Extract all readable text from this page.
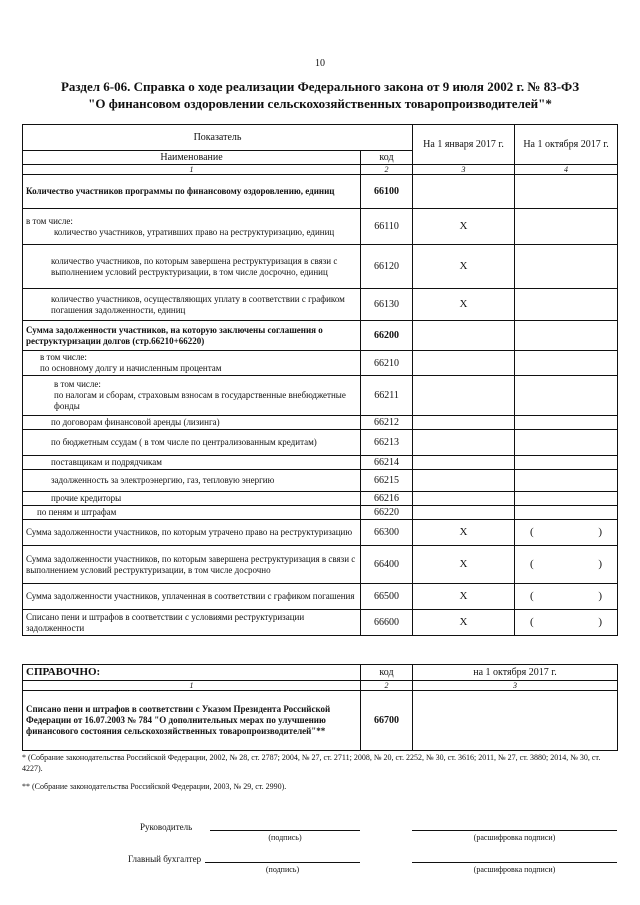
10
Раздел 6-06. Справка о ходе реализации Федерального закона от 9 июля 2002 г. № 83-ФЗ
"О финансовом оздоровлении сельскохозяйственных товаропроизводителей"*
Показатель		На 1 января 2017 г.	На 1 октября 2017 г.
Наименование	код		
1	2	3	4
Количество участников программы по финансовому оздоровлению, единиц	66100		

в том числе:
количество участников, утративших право на реструктуризацию, единиц	66110	X	
количество участников, по которым завершена реструктуризация в связи с выполнением условий реструктуризации, в том числе досрочно, единиц	66120	X	
количество участников, осуществляющих уплату в соответствии с графиком погашения задолженности, единиц	66130	X	
Сумма задолженности участников, на которую заключены соглашения о реструктуризации долгов (стр.66210+66220)	66200		

в том числе:
по основному долгу и начисленным процентам	66210		

в том числе:
по налогам и сборам, страховым взносам в государственные внебюджетные фонды	66211		
по договорам финансовой аренды (лизинга)	66212		
по бюджетным ссудам ( в том числе по централизованным кредитам)	66213		
поставщикам и подрядчикам	66214		
задолженность за электроэнергию, газ, тепловую энергию	66215		
прочие кредиторы	66216		
по пеням и штрафам	66220		
Сумма задолженности участников, по которым утрачено право на реструктуризацию	66300	X	( )

Сумма задолженности участников, по которым завершена реструктуризация в связи с выполнением условий реструктуризации, в том числе досрочно	66400	X	( )

Сумма задолженности участников, уплаченная в соответствии с графиком погашения	66500	X	( )

Списано пени и штрафов в соответствии с условиями реструктуризации задолженности	66600	X	( )
СПРАВОЧНО:	код	на 1 октября 2017 г.
1	2	3
Списано пени и штрафов в соответствии с Указом Президента Российской Федерации от 16.07.2003 № 784 "О дополнительных мерах по улучшению финансового состояния сельскохозяйственных товаропроизводителей"**	66700	
* (Собрание законодательства Российской Федерации, 2002, № 28, ст. 2787; 2004, № 27, ст. 2711; 2008, № 20, ст. 2252, № 30, ст. 3616; 2011, № 27, ст. 3880; 2014, № 30, ст. 4227).
** (Собрание законодательства Российской Федерации, 2003, № 29, ст. 2990).
Руководитель
(подпись)	(расшифровка подписи)
Главный бухгалтер
(подпись)	(расшифровка подписи)
